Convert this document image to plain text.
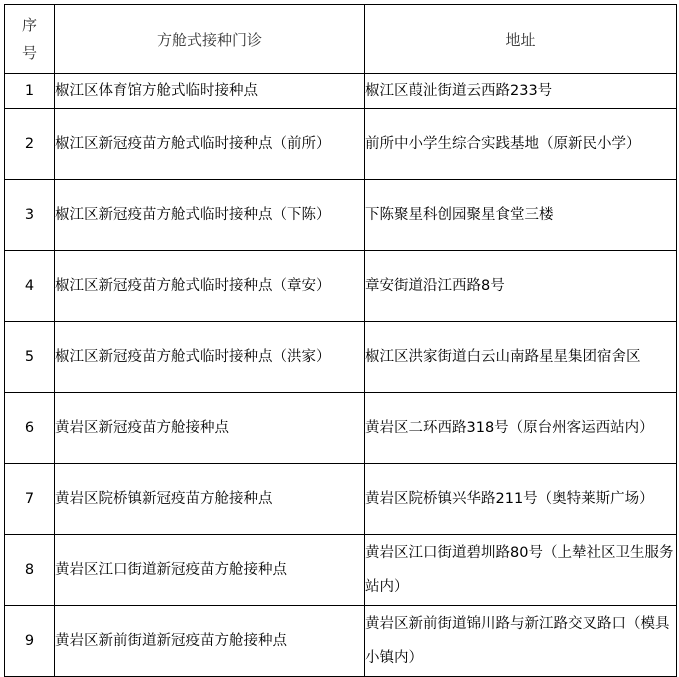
序
号	方舱式接种门诊	地址
1	椒江区体育馆方舱式临时接种点	椒江区葭沚街道云西路233号
2	椒江区新冠疫苗方舱式临时接种点（前所）	前所中小学生综合实践基地（原新民小学）

3	椒江区新冠疫苗方舱式临时接种点（下陈）	下陈聚星科创园聚星食堂三楼

4	椒江区新冠疫苗方舱式临时接种点（章安）	章安街道沿江西路8号

5	椒江区新冠疫苗方舱式临时接种点（洪家）	椒江区洪家街道白云山南路星星集团宿舍区

6	黄岩区新冠疫苗方舱接种点	黄岩区二环西路318号（原台州客运西站内）

7	黄岩区院桥镇新冠疫苗方舱接种点	黄岩区院桥镇兴华路211号（奥特莱斯广场）

8	黄岩区江口街道新冠疫苗方舱接种点	黄岩区江口街道碧圳路80号（上辇社区卫生服务站内）

9	黄岩区新前街道新冠疫苗方舱接种点	黄岩区新前街道锦川路与新江路交叉路口（模具小镇内）
